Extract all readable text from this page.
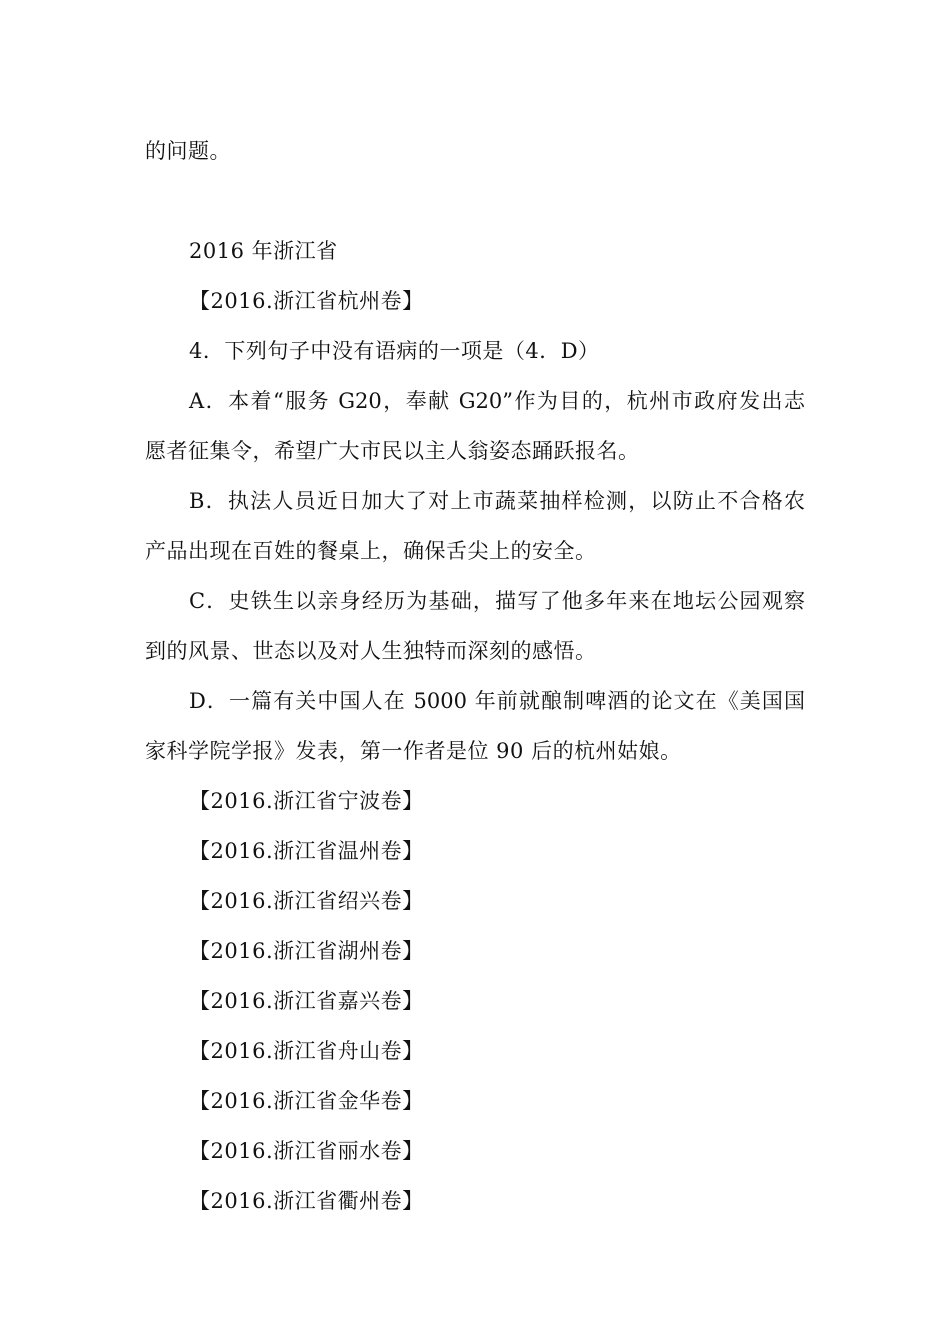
的问题。
2016 年浙江省
【2016.浙江省杭州卷】
4．下列句子中没有语病的一项是（4．D）
A．本着“服务 G20，奉献 G20”作为目的，杭州市政府发出志
愿者征集令，希望广大市民以主人翁姿态踊跃报名。
B．执法人员近日加大了对上市蔬菜抽样检测，以防止不合格农
产品出现在百姓的餐桌上，确保舌尖上的安全。
C．史铁生以亲身经历为基础，描写了他多年来在地坛公园观察
到的风景、世态以及对人生独特而深刻的感悟。
D．一篇有关中国人在 5000 年前就酿制啤酒的论文在《美国国
家科学院学报》发表，第一作者是位 90 后的杭州姑娘。
【2016.浙江省宁波卷】
【2016.浙江省温州卷】
【2016.浙江省绍兴卷】
【2016.浙江省湖州卷】
【2016.浙江省嘉兴卷】
【2016.浙江省舟山卷】
【2016.浙江省金华卷】
【2016.浙江省丽水卷】
【2016.浙江省衢州卷】
